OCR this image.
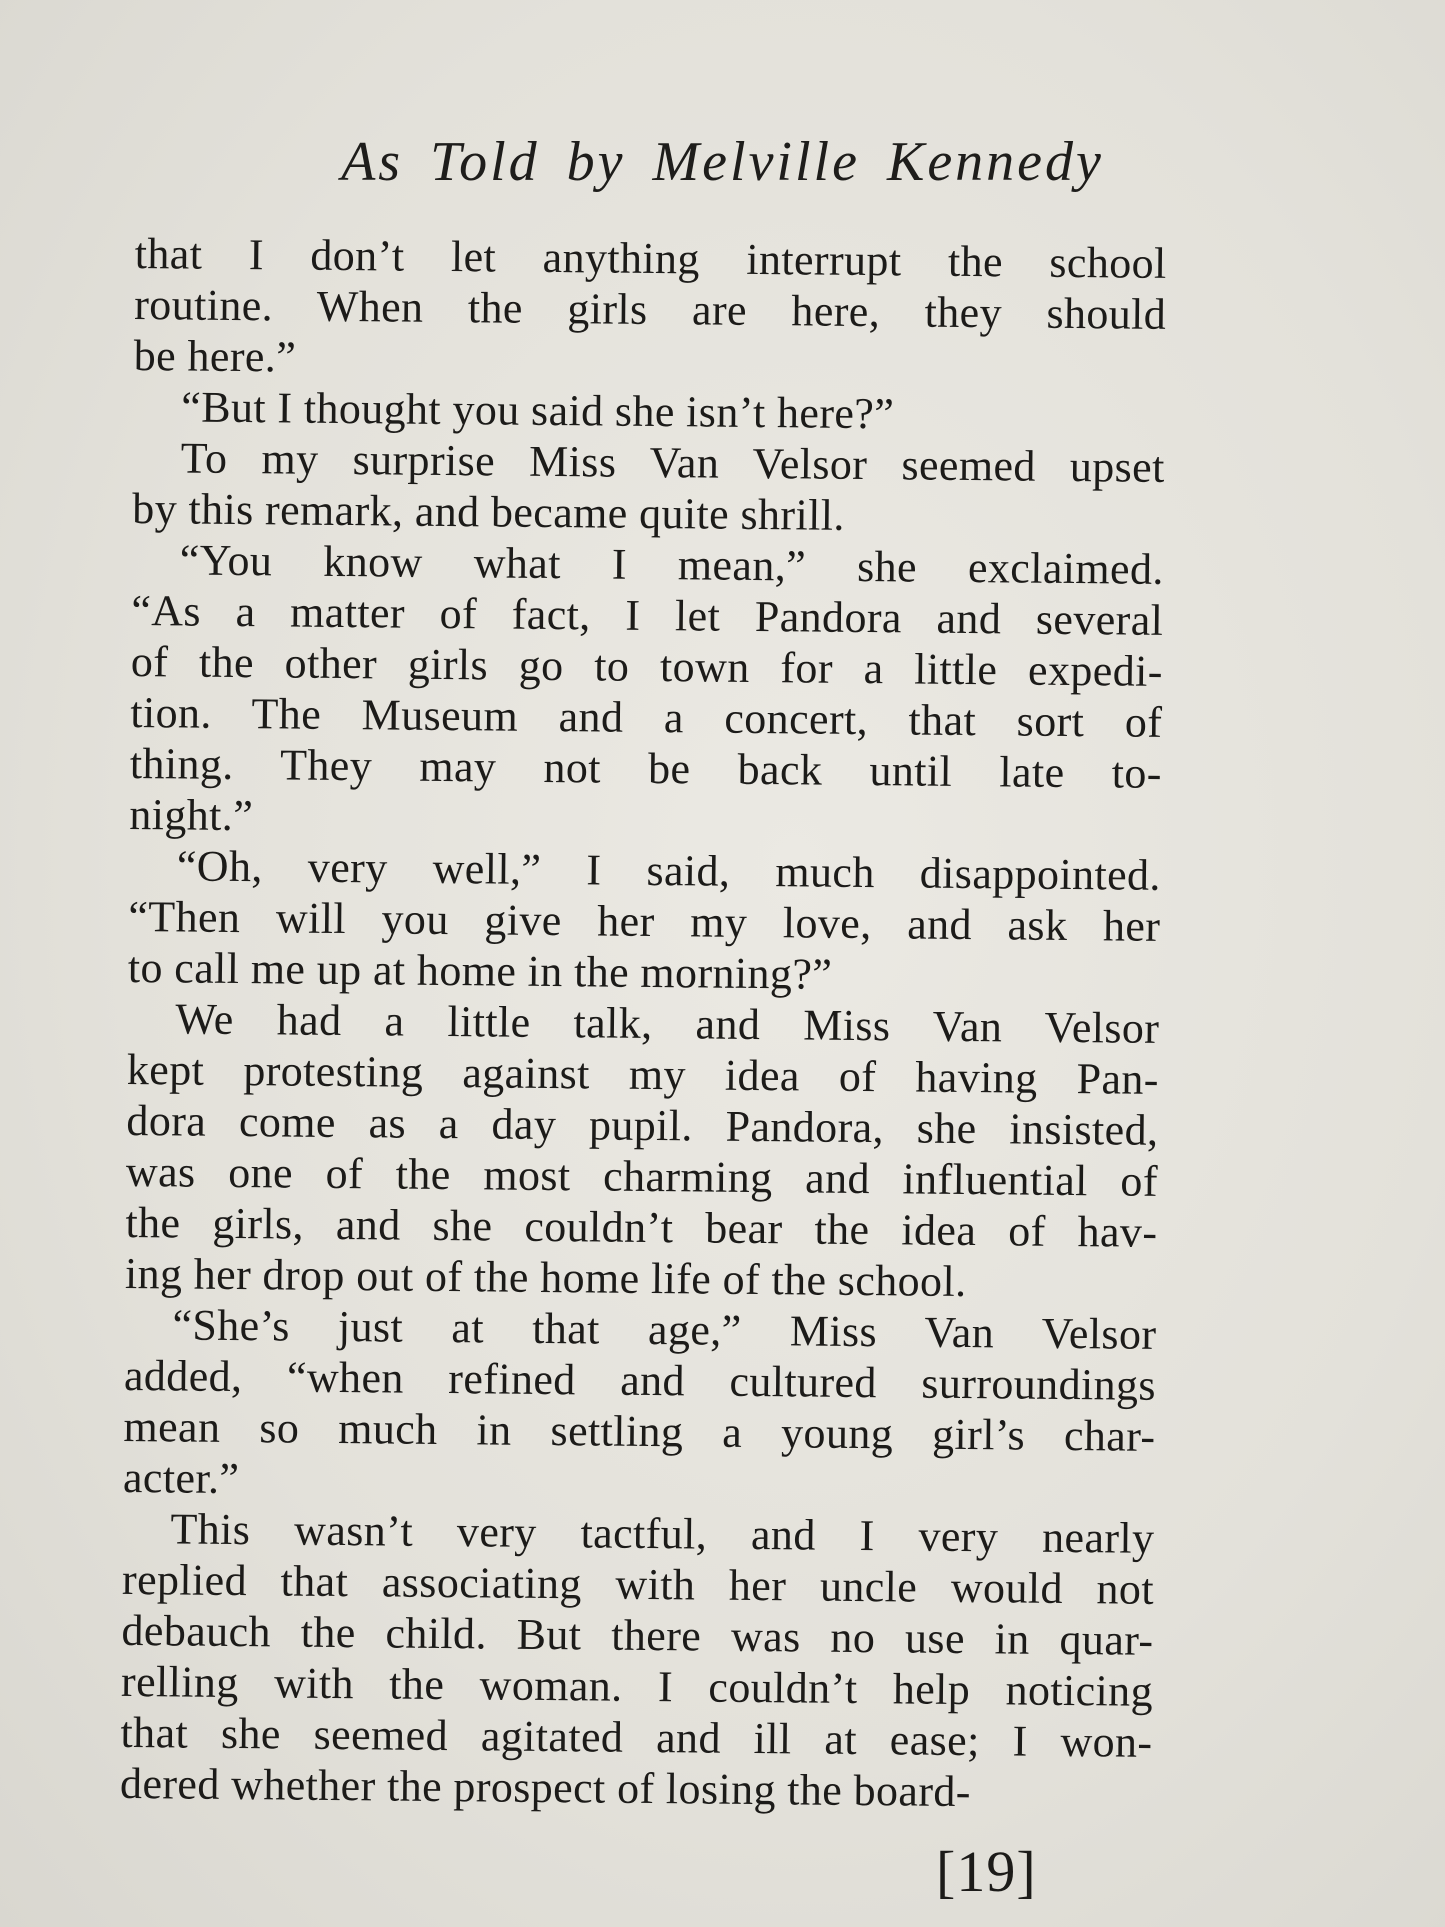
As Told by Melville Kennedy

that I don’t let anything interrupt the school
routine. When the girls are here, they should
be here.”

“But I thought you said she isn’t here?”

To my surprise Miss Van Velsor seemed upset
by this remark, and became quite shrill.

“You know what I mean,” she exclaimed.
“As a matter of fact, I let Pandora and several
of the other girls go to town for a little expedi-
tion. The Museum and a concert, that sort of
thing. They may not be back until late to-
night.”

“Oh, very well,” I said, much disappointed.
“Then will you give her my love, and ask her
to call me up at home in the morning?”

We had a little talk, and Miss Van Velsor
kept protesting against my idea of having Pan-
dora come as a day pupil. Pandora, she insisted,
was one of the most charming and influential of
the girls, and she couldn’t bear the idea of hav-
ing her drop out of the home life of the school.

“She’s just at that age,” Miss Van Velsor
added, “when refined and cultured surroundings
mean so much in settling a young girl’s char-
acter.”

This wasn’t very tactful, and I very nearly
replied that associating with her uncle would not
debauch the child. But there was no use in quar-
relling with the woman. I couldn’t help noticing
that she seemed agitated and ill at ease; I won-
dered whether the prospect of losing the board-

[19]
